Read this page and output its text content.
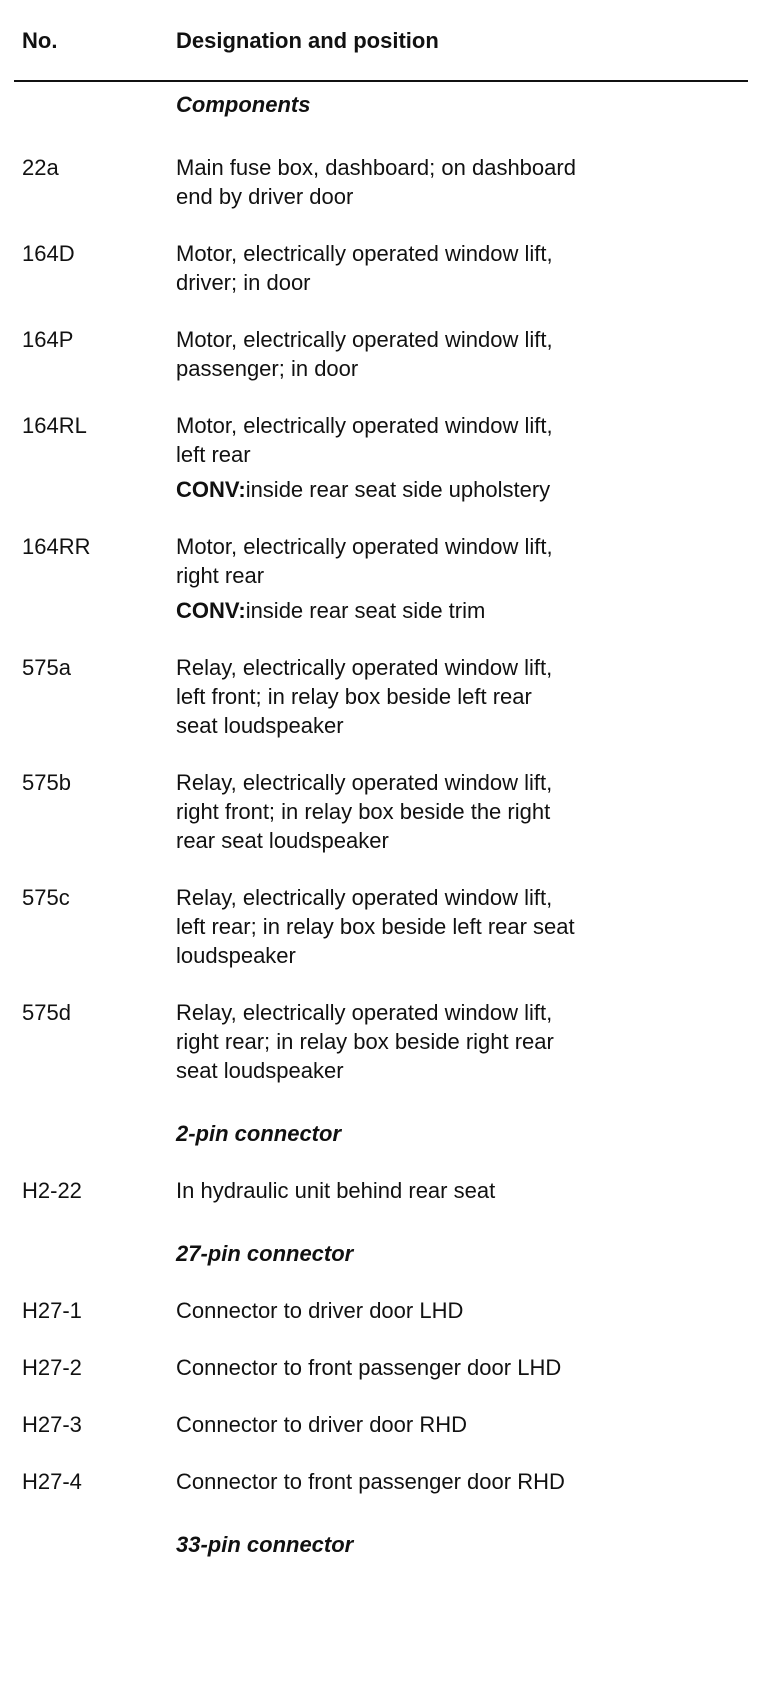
No.	Designation and position
Components
22a	Main fuse box, dashboard; on dashboard
end by driver door
164D	Motor, electrically operated window lift,
driver; in door
164P	Motor, electrically operated window lift,
passenger; in door
164RL	Motor, electrically operated window lift,
left rear
CONV:inside rear seat side upholstery
164RR	Motor, electrically operated window lift,
right rear
CONV:inside rear seat side trim
575a	Relay, electrically operated window lift,
left front; in relay box beside left rear
seat loudspeaker
575b	Relay, electrically operated window lift,
right front; in relay box beside the right
rear seat loudspeaker
575c	Relay, electrically operated window lift,
left rear; in relay box beside left rear seat
loudspeaker
575d	Relay, electrically operated window lift,
right rear; in relay box beside right rear
seat loudspeaker
2-pin connector
H2-22	In hydraulic unit behind rear seat
27-pin connector
H27-1	Connector to driver door LHD
H27-2	Connector to front passenger door LHD
H27-3	Connector to driver door RHD
H27-4	Connector to front passenger door RHD
33-pin connector
